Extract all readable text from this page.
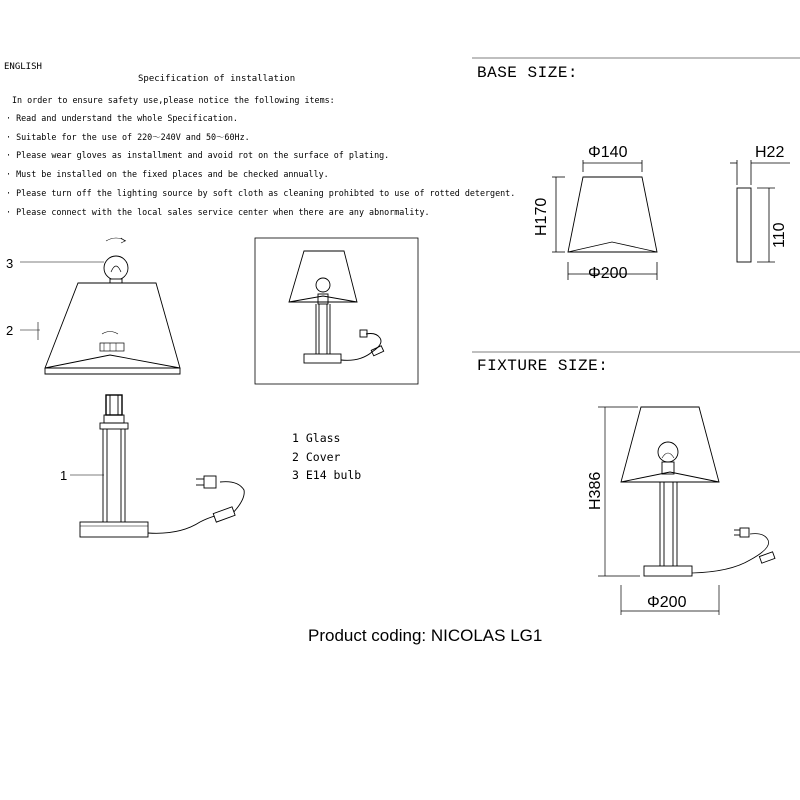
ENGLISH
Specification of installation
In order to ensure safety use,please notice the following items:
· Read and understand the whole Specification.
· Suitable for the use of 220～240V and 50～60Hz.
· Please wear gloves as installment and avoid rot on the surface of plating.
· Must be installed on the fixed places and be checked annually.
· Please turn off the lighting source by soft cloth as cleaning prohibted to use of rotted detergent.
· Please connect with the local sales service center when there are any abnormality.
BASE SIZE:
FIXTURE SIZE:
1 Glass
2 Cover
3 E14 bulb
Product coding: NICOLAS LG1
3
2
1
Φ140
Φ200
H170
H22
110
H386
Φ200
